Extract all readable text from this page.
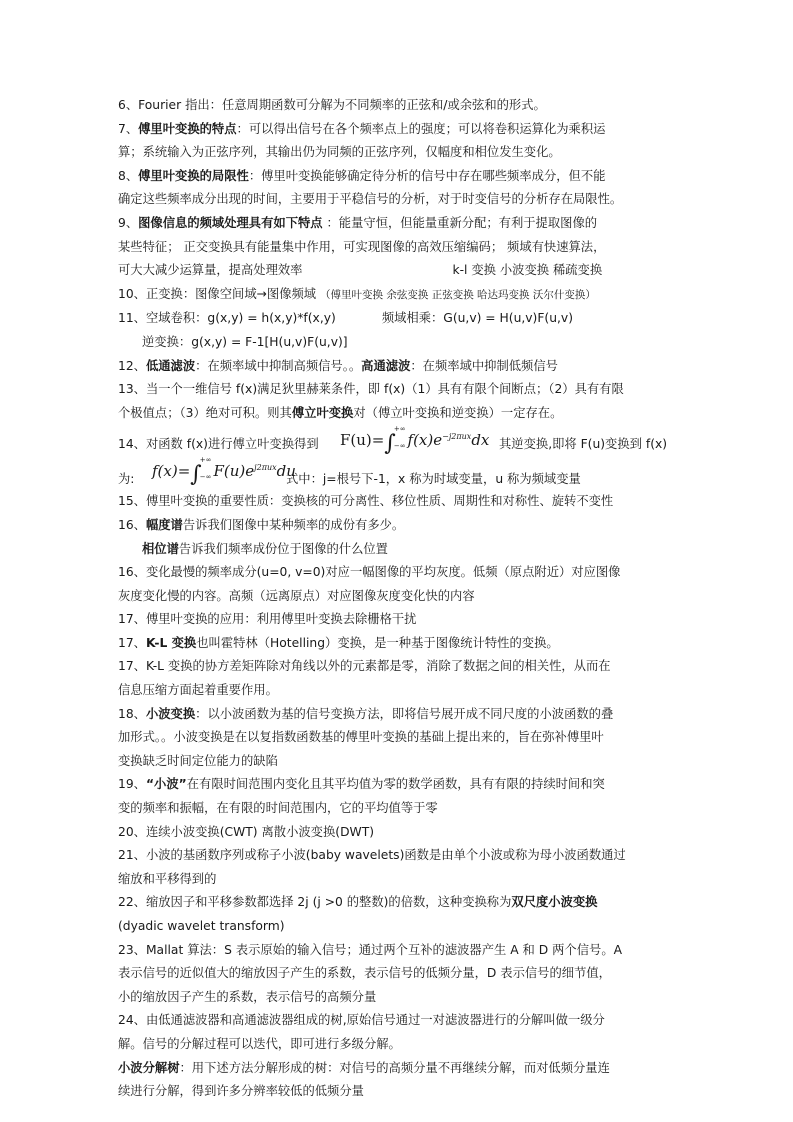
6、Fourier 指出：任意周期函数可分解为不同频率的正弦和/或余弦和的形式。

7、傅里叶变换的特点：可以得出信号在各个频率点上的强度；可以将卷积运算化为乘积运

算；系统输入为正弦序列，其输出仍为同频的正弦序列，仅幅度和相位发生变化。

8、傅里叶变换的局限性：傅里叶变换能够确定待分析的信号中存在哪些频率成分，但不能

确定这些频率成分出现的时间，主要用于平稳信号的分析，对于时变信号的分析存在局限性。

9、图像信息的频域处理具有如下特点 ：能量守恒，但能量重新分配；有利于提取图像的

某些特征； 正交变换具有能量集中作用，可实现图像的高效压缩编码； 频域有快速算法，

可大大减少运算量，提高处理效率	k-l 变换 小波变换 稀疏变换

10、正变换：图像空间域→图像频域 （傅里叶变换 余弦变换 正弦变换 哈达玛变换 沃尔什变换）

11、空域卷积：g(x,y) = h(x,y)*f(x,y)	频域相乘：G(u,v) = H(u,v)F(u,v)

逆变换：g(x,y) = F-1[H(u,v)F(u,v)]

12、低通滤波：在频率域中抑制高频信号。。高通滤波：在频率域中抑制低频信号

13、当一个一维信号 f(x)满足狄里赫莱条件，即 f(x)（1）具有有限个间断点；（2）具有有限

个极值点；（3）绝对可积。则其傅立叶变换对（傅立叶变换和逆变换）一定存在。

14、对函数 f(x)进行傅立叶变换得到 F(u)=∫
+∞
−∞ $f(x)e^{-j2\pi ux}dx$ 其逆变换,即将 F(u)变换到 f(x)
为: f(x)=∫
+∞
−∞ $F(u)e^{j2\pi ux}du$
式中：j=根号下-1，x 称为时域变量，u 称为频域变量

15、傅里叶变换的重要性质：变换核的可分离性、移位性质、周期性和对称性、旋转不变性

16、幅度谱告诉我们图像中某种频率的成份有多少。

相位谱告诉我们频率成份位于图像的什么位置

16、变化最慢的频率成分(u=0, v=0)对应一幅图像的平均灰度。低频（原点附近）对应图像

灰度变化慢的内容。高频（远离原点）对应图像灰度变化快的内容

17、傅里叶变换的应用：利用傅里叶变换去除栅格干扰

17、K-L 变换也叫霍特林（Hotelling）变换，是一种基于图像统计特性的变换。

17、K-L 变换的协方差矩阵除对角线以外的元素都是零，消除了数据之间的相关性，从而在

信息压缩方面起着重要作用。

18、小波变换：以小波函数为基的信号变换方法，即将信号展开成不同尺度的小波函数的叠

加形式。。小波变换是在以复指数函数基的傅里叶变换的基础上提出来的，旨在弥补傅里叶

变换缺乏时间定位能力的缺陷

19、“小波”在有限时间范围内变化且其平均值为零的数学函数，具有有限的持续时间和突

变的频率和振幅，在有限的时间范围内，它的平均值等于零

20、连续小波变换(CWT) 离散小波变换(DWT)

21、小波的基函数序列或称子小波(baby wavelets)函数是由单个小波或称为母小波函数通过

缩放和平移得到的

22、缩放因子和平移参数都选择 2j (j >0 的整数)的倍数，这种变换称为双尺度小波变换

(dyadic wavelet transform)

23、Mallat 算法：S 表示原始的输入信号；通过两个互补的滤波器产生 A 和 D 两个信号。A

表示信号的近似值大的缩放因子产生的系数，表示信号的低频分量，D 表示信号的细节值，

小的缩放因子产生的系数，表示信号的高频分量

24、由低通滤波器和高通滤波器组成的树,原始信号通过一对滤波器进行的分解叫做一级分

解。信号的分解过程可以迭代，即可进行多级分解。

小波分解树：用下述方法分解形成的树：对信号的高频分量不再继续分解，而对低频分量连

续进行分解，得到许多分辨率较低的低频分量
